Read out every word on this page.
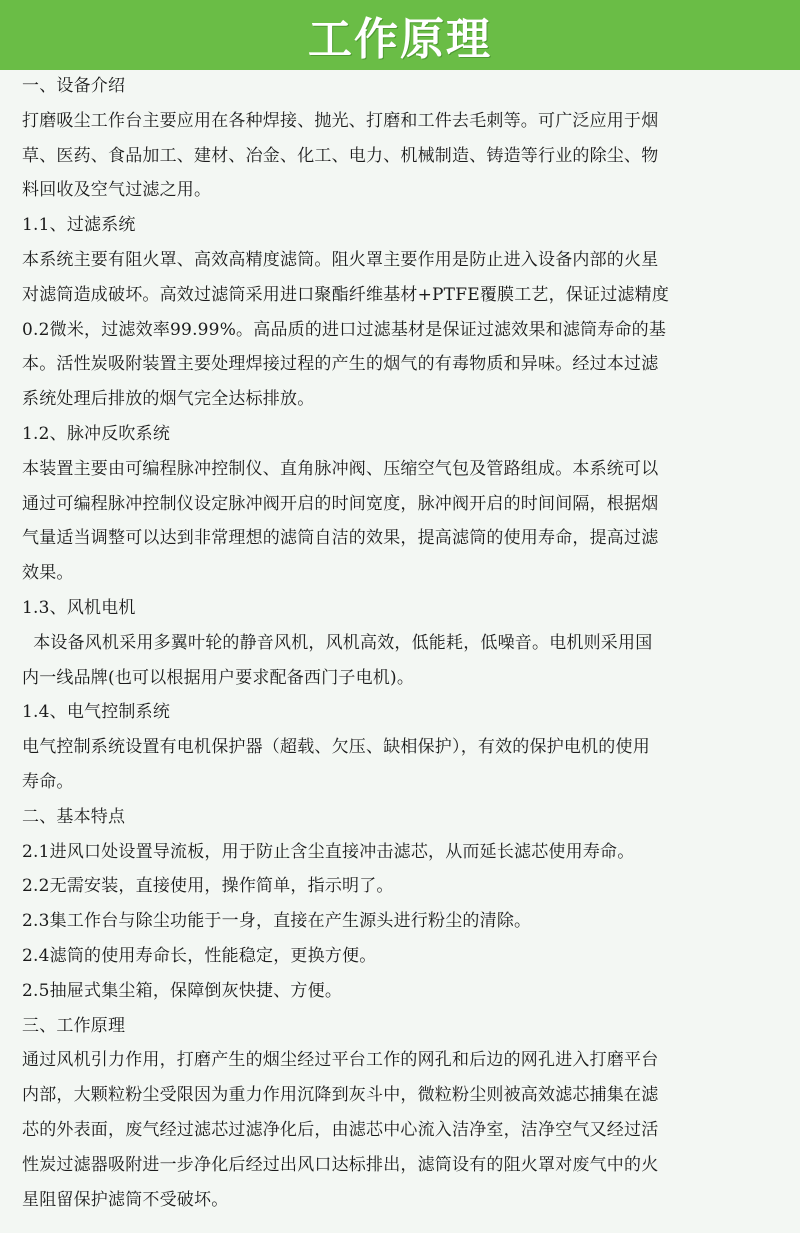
工作原理
一、设备介绍
打磨吸尘工作台主要应用在各种焊接、抛光、打磨和工件去毛刺等。可广泛应用于烟
草、医药、食品加工、建材、冶金、化工、电力、机械制造、铸造等行业的除尘、物
料回收及空气过滤之用。
1.1、过滤系统
本系统主要有阻火罩、高效高精度滤筒。阻火罩主要作用是防止进入设备内部的火星
对滤筒造成破坏。高效过滤筒采用进口聚酯纤维基材+PTFE覆膜工艺，保证过滤精度
0.2微米，过滤效率99.99%。高品质的进口过滤基材是保证过滤效果和滤筒寿命的基
本。活性炭吸附装置主要处理焊接过程的产生的烟气的有毒物质和异味。经过本过滤
系统处理后排放的烟气完全达标排放。
1.2、脉冲反吹系统
本装置主要由可编程脉冲控制仪、直角脉冲阀、压缩空气包及管路组成。本系统可以
通过可编程脉冲控制仪设定脉冲阀开启的时间宽度，脉冲阀开启的时间间隔，根据烟
气量适当调整可以达到非常理想的滤筒自洁的效果，提高滤筒的使用寿命，提高过滤
效果。
1.3、风机电机
本设备风机采用多翼叶轮的静音风机，风机高效，低能耗，低噪音。电机则采用国
内一线品牌(也可以根据用户要求配备西门子电机)。
1.4、电气控制系统
电气控制系统设置有电机保护器（超载、欠压、缺相保护），有效的保护电机的使用
寿命。
二、基本特点
2.1进风口处设置导流板，用于防止含尘直接冲击滤芯，从而延长滤芯使用寿命。
2.2无需安装，直接使用，操作简单，指示明了。
2.3集工作台与除尘功能于一身，直接在产生源头进行粉尘的清除。
2.4滤筒的使用寿命长，性能稳定，更换方便。
2.5抽屉式集尘箱，保障倒灰快捷、方便。
三、工作原理
通过风机引力作用，打磨产生的烟尘经过平台工作的网孔和后边的网孔进入打磨平台
内部，大颗粒粉尘受限因为重力作用沉降到灰斗中，微粒粉尘则被高效滤芯捕集在滤
芯的外表面，废气经过滤芯过滤净化后，由滤芯中心流入洁净室，洁净空气又经过活
性炭过滤器吸附进一步净化后经过出风口达标排出，滤筒设有的阻火罩对废气中的火
星阻留保护滤筒不受破坏。
